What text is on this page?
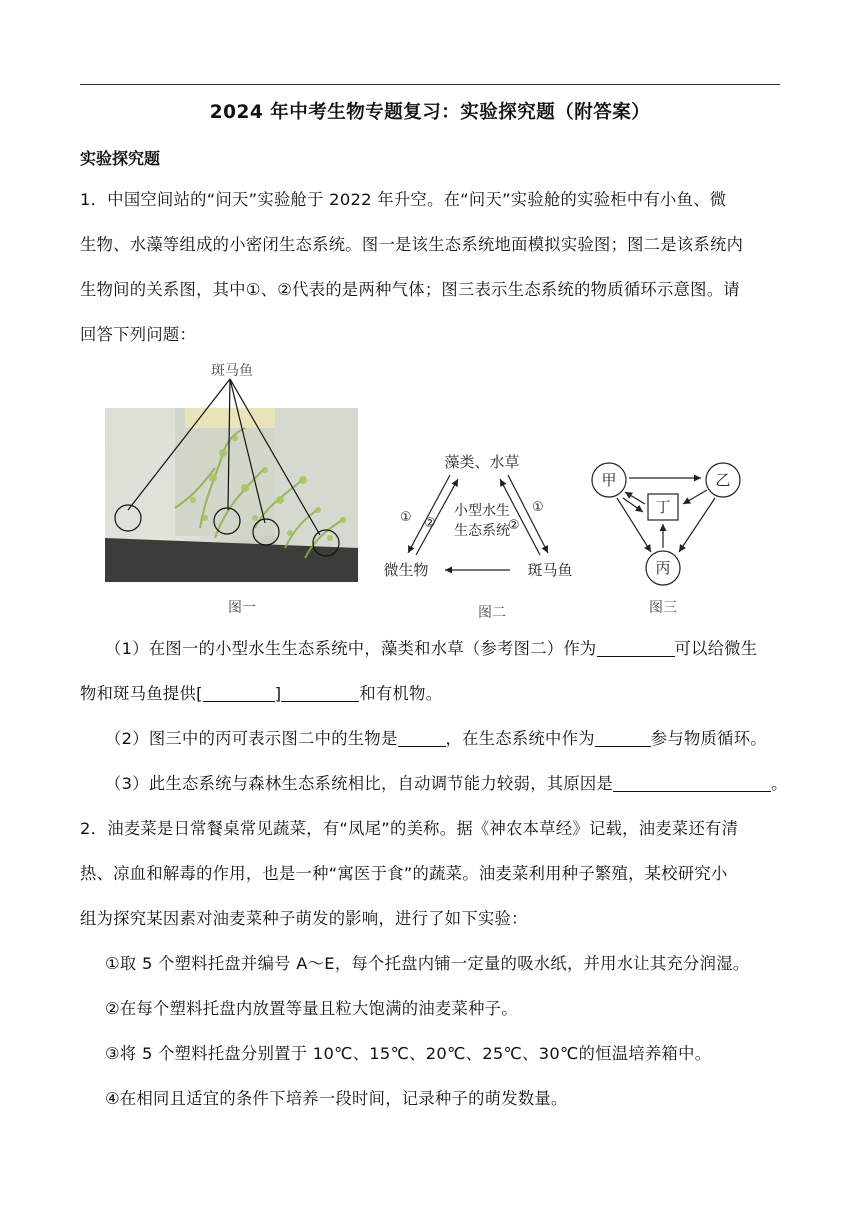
2024 年中考生物专题复习：实验探究题（附答案）
实验探究题
1．中国空间站的“问天”实验舱于 2022 年升空。在“问天”实验舱的实验柜中有小鱼、微
生物、水藻等组成的小密闭生态系统。图一是该生态系统地面模拟实验图；图二是该系统内
生物间的关系图，其中①、②代表的是两种气体；图三表示生态系统的物质循环示意图。请
回答下列问题：
斑马鱼
图一
藻类、水草
微生物	斑马鱼
小型水生
生态系统
① ②
①
②
图二
甲	乙
丙
丁
图三
（1）在图一的小型水生生态系统中，藻类和水草（参考图二）作为	可以给微生
物和斑马鱼提供[	]	和有机物。
（2）图三中的丙可表示图二中的生物是	，在生态系统中作为	参与物质循环。
（3）此生态系统与森林生态系统相比，自动调节能力较弱，其原因是	。
2．油麦菜是日常餐桌常见蔬菜，有“凤尾”的美称。据《神农本草经》记载，油麦菜还有清
热、凉血和解毒的作用，也是一种“寓医于食”的蔬菜。油麦菜利用种子繁殖，某校研究小
组为探究某因素对油麦菜种子萌发的影响，进行了如下实验：
①取 5 个塑料托盘并编号 A～E，每个托盘内铺一定量的吸水纸，并用水让其充分润湿。
②在每个塑料托盘内放置等量且粒大饱满的油麦菜种子。
③将 5 个塑料托盘分别置于 10℃、15℃、20℃、25℃、30℃的恒温培养箱中。
④在相同且适宜的条件下培养一段时间，记录种子的萌发数量。
